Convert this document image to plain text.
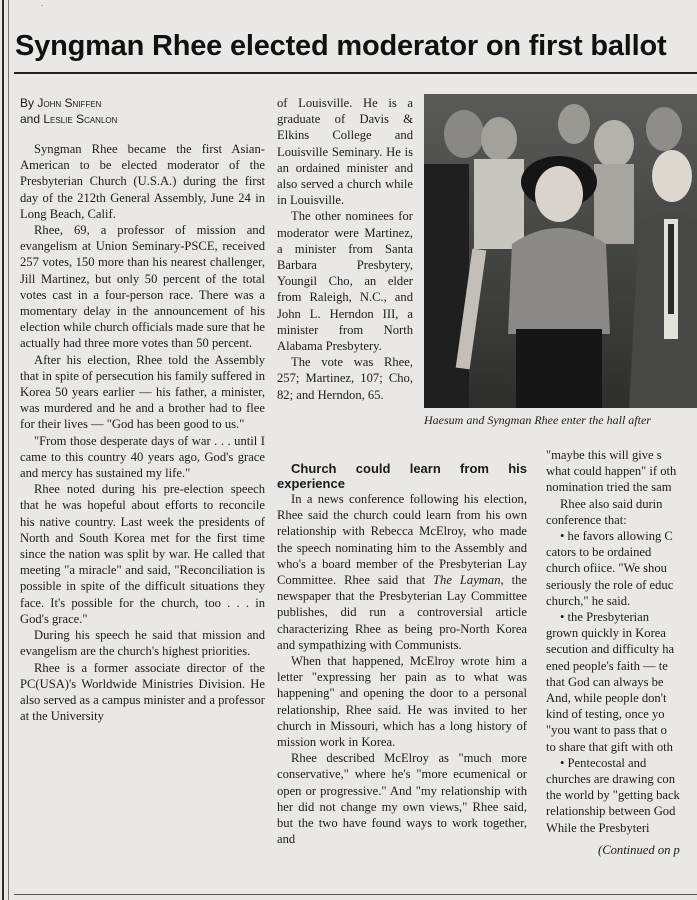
·
Syngman Rhee elected moderator on first ballot
By John Sniffen
and Leslie Scanlon

Syngman Rhee became the first Asian-American to be elected moderator of the Presbyterian Church (U.S.A.) during the first day of the 212th General Assembly, June 24 in Long Beach, Calif.

Rhee, 69, a professor of mission and evangelism at Union Seminary-PSCE, received 257 votes, 150 more than his nearest challenger, Jill Martinez, but only 50 percent of the total votes cast in a four-person race. There was a momentary delay in the announcement of his election while church officials made sure that he actually had three more votes than 50 percent.

After his election, Rhee told the Assembly that in spite of persecution his family suffered in Korea 50 years earlier — his father, a minister, was murdered and he and a brother had to flee for their lives — "God has been good to us."

"From those desperate days of war . . . until I came to this country 40 years ago, God's grace and mercy has sustained my life."

Rhee noted during his pre-election speech that he was hopeful about efforts to reconcile his native country. Last week the presidents of North and South Korea met for the first time since the nation was split by war. He called that meeting "a miracle" and said, "Reconciliation is possible in spite of the difficult situations they face. It's possible for the church, too . . . in God's grace."

During his speech he said that mission and evangelism are the church's highest priorities.

Rhee is a former associate director of the PC(USA)'s Worldwide Ministries Division. He also served as a campus minister and a professor at the University

of Louisville. He is a graduate of Davis & Elkins College and Louisville Seminary. He is an ordained minister and also served a church while in Louisville.

The other nominees for moderator were Martinez, a minister from Santa Barbara Presbytery, Youngil Cho, an elder from Raleigh, N.C., and John L. Herndon III, a minister from North Alabama Presbytery.

The vote was Rhee, 257; Martinez, 107; Cho, 82; and Herndon, 65.

Haesum and Syngman Rhee enter the hall after

Church could learn from his experience

In a news conference following his election, Rhee said the church could learn from his own relationship with Rebecca McElroy, who made the speech nominating him to the Assembly and who's a board member of the Presbyterian Lay Committee. Rhee said that The Layman, the newspaper that the Presbyterian Lay Committee publishes, did run a controversial article characterizing Rhee as being pro-North Korea and sympathizing with Communists.

When that happened, McElroy wrote him a letter "expressing her pain as to what was happening" and opening the door to a personal relationship, Rhee said. He was invited to her church in Missouri, which has a long history of mission work in Korea.

Rhee described McElroy as "much more conservative," where he's "more ecumenical or open or progressive." And "my relationship with her did not change my own views," Rhee said, but the two have found ways to work together, and

"maybe this will give s
what could happen" if oth
nomination tried the sam
Rhee also said durin
conference that:
• he favors allowing C
cators to be ordained
church ofiice. "We shou
seriously the role of educ
church," he said.
• the Presbyterian
grown quickly in Korea
secution and difficulty ha
ened people's faith — te
that God can always be
And, while people don't
kind of testing, once yo
"you want to pass that o
to share that gift with oth
• Pentecostal and
churches are drawing con
the world by "getting back
relationship between God
While the Presbyteri
(Continued on p
